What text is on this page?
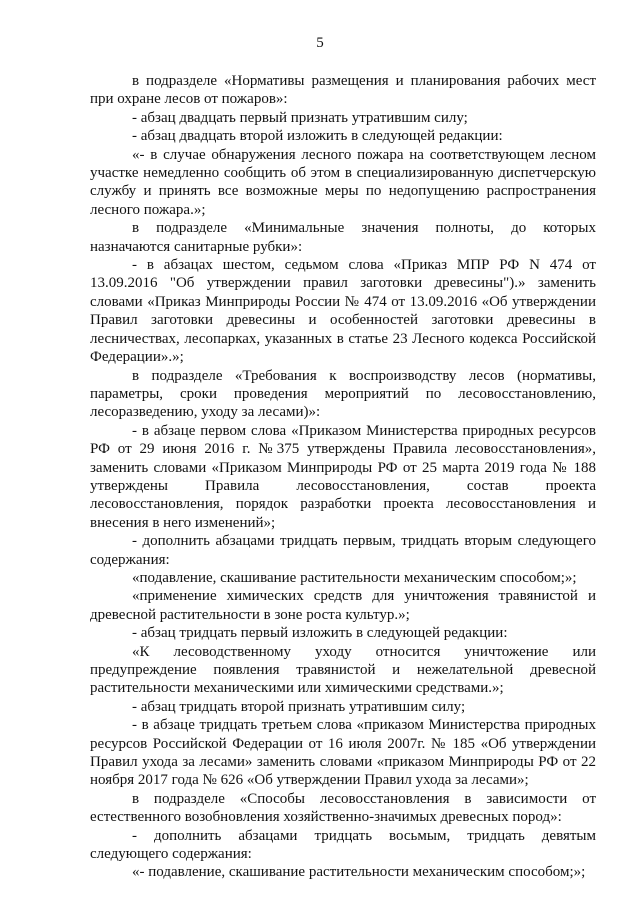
5

в подразделе «Нормативы размещения и планирования рабочих мест при охране лесов от пожаров»:

- абзац двадцать первый признать утратившим силу;

- абзац двадцать второй изложить в следующей редакции:

«- в случае обнаружения лесного пожара на соответствующем лесном участке немедленно сообщить об этом в специализированную диспетчерскую службу и принять все возможные меры по недопущению распространения лесного пожара.»;

в подразделе «Минимальные значения полноты, до которых назначаются санитарные рубки»:

- в абзацах шестом, седьмом слова «Приказ МПР РФ N 474 от 13.09.2016 "Об утверждении правил заготовки древесины").» заменить словами «Приказ Минприроды России № 474 от 13.09.2016 «Об утверждении Правил заготовки древесины и особенностей заготовки древесины в лесничествах, лесопарках, указанных в статье 23 Лесного кодекса Российской Федерации».»;

в подразделе «Требования к воспроизводству лесов (нормативы, параметры, сроки проведения мероприятий по лесовосстановлению, лесоразведению, уходу за лесами)»:

- в абзаце первом слова «Приказом Министерства природных ресурсов РФ от 29 июня 2016 г. №375 утверждены Правила лесовосстановления», заменить словами «Приказом Минприроды РФ от 25 марта 2019 года № 188 утверждены Правила лесовосстановления, состав проекта лесовосстановления, порядок разработки проекта лесовосстановления и внесения в него изменений»;

- дополнить абзацами тридцать первым, тридцать вторым следующего содержания:

«подавление, скашивание растительности механическим способом;»;

«применение химических средств для уничтожения травянистой и древесной растительности в зоне роста культур.»;

- абзац тридцать первый изложить в следующей редакции:

«К лесоводственному уходу относится уничтожение или предупреждение появления травянистой и нежелательной древесной растительности механическими или химическими средствами.»;

- абзац тридцать второй признать утратившим силу;

- в абзаце тридцать третьем слова «приказом Министерства природных ресурсов Российской Федерации от 16 июля 2007г. № 185 «Об утверждении Правил ухода за лесами» заменить словами «приказом Минприроды РФ от 22 ноября 2017 года № 626 «Об утверждении Правил ухода за лесами»;

в подразделе «Способы лесовосстановления в зависимости от естественного возобновления хозяйственно-значимых древесных пород»:

- дополнить абзацами тридцать восьмым, тридцать девятым следующего содержания:

«- подавление, скашивание растительности механическим способом;»;
